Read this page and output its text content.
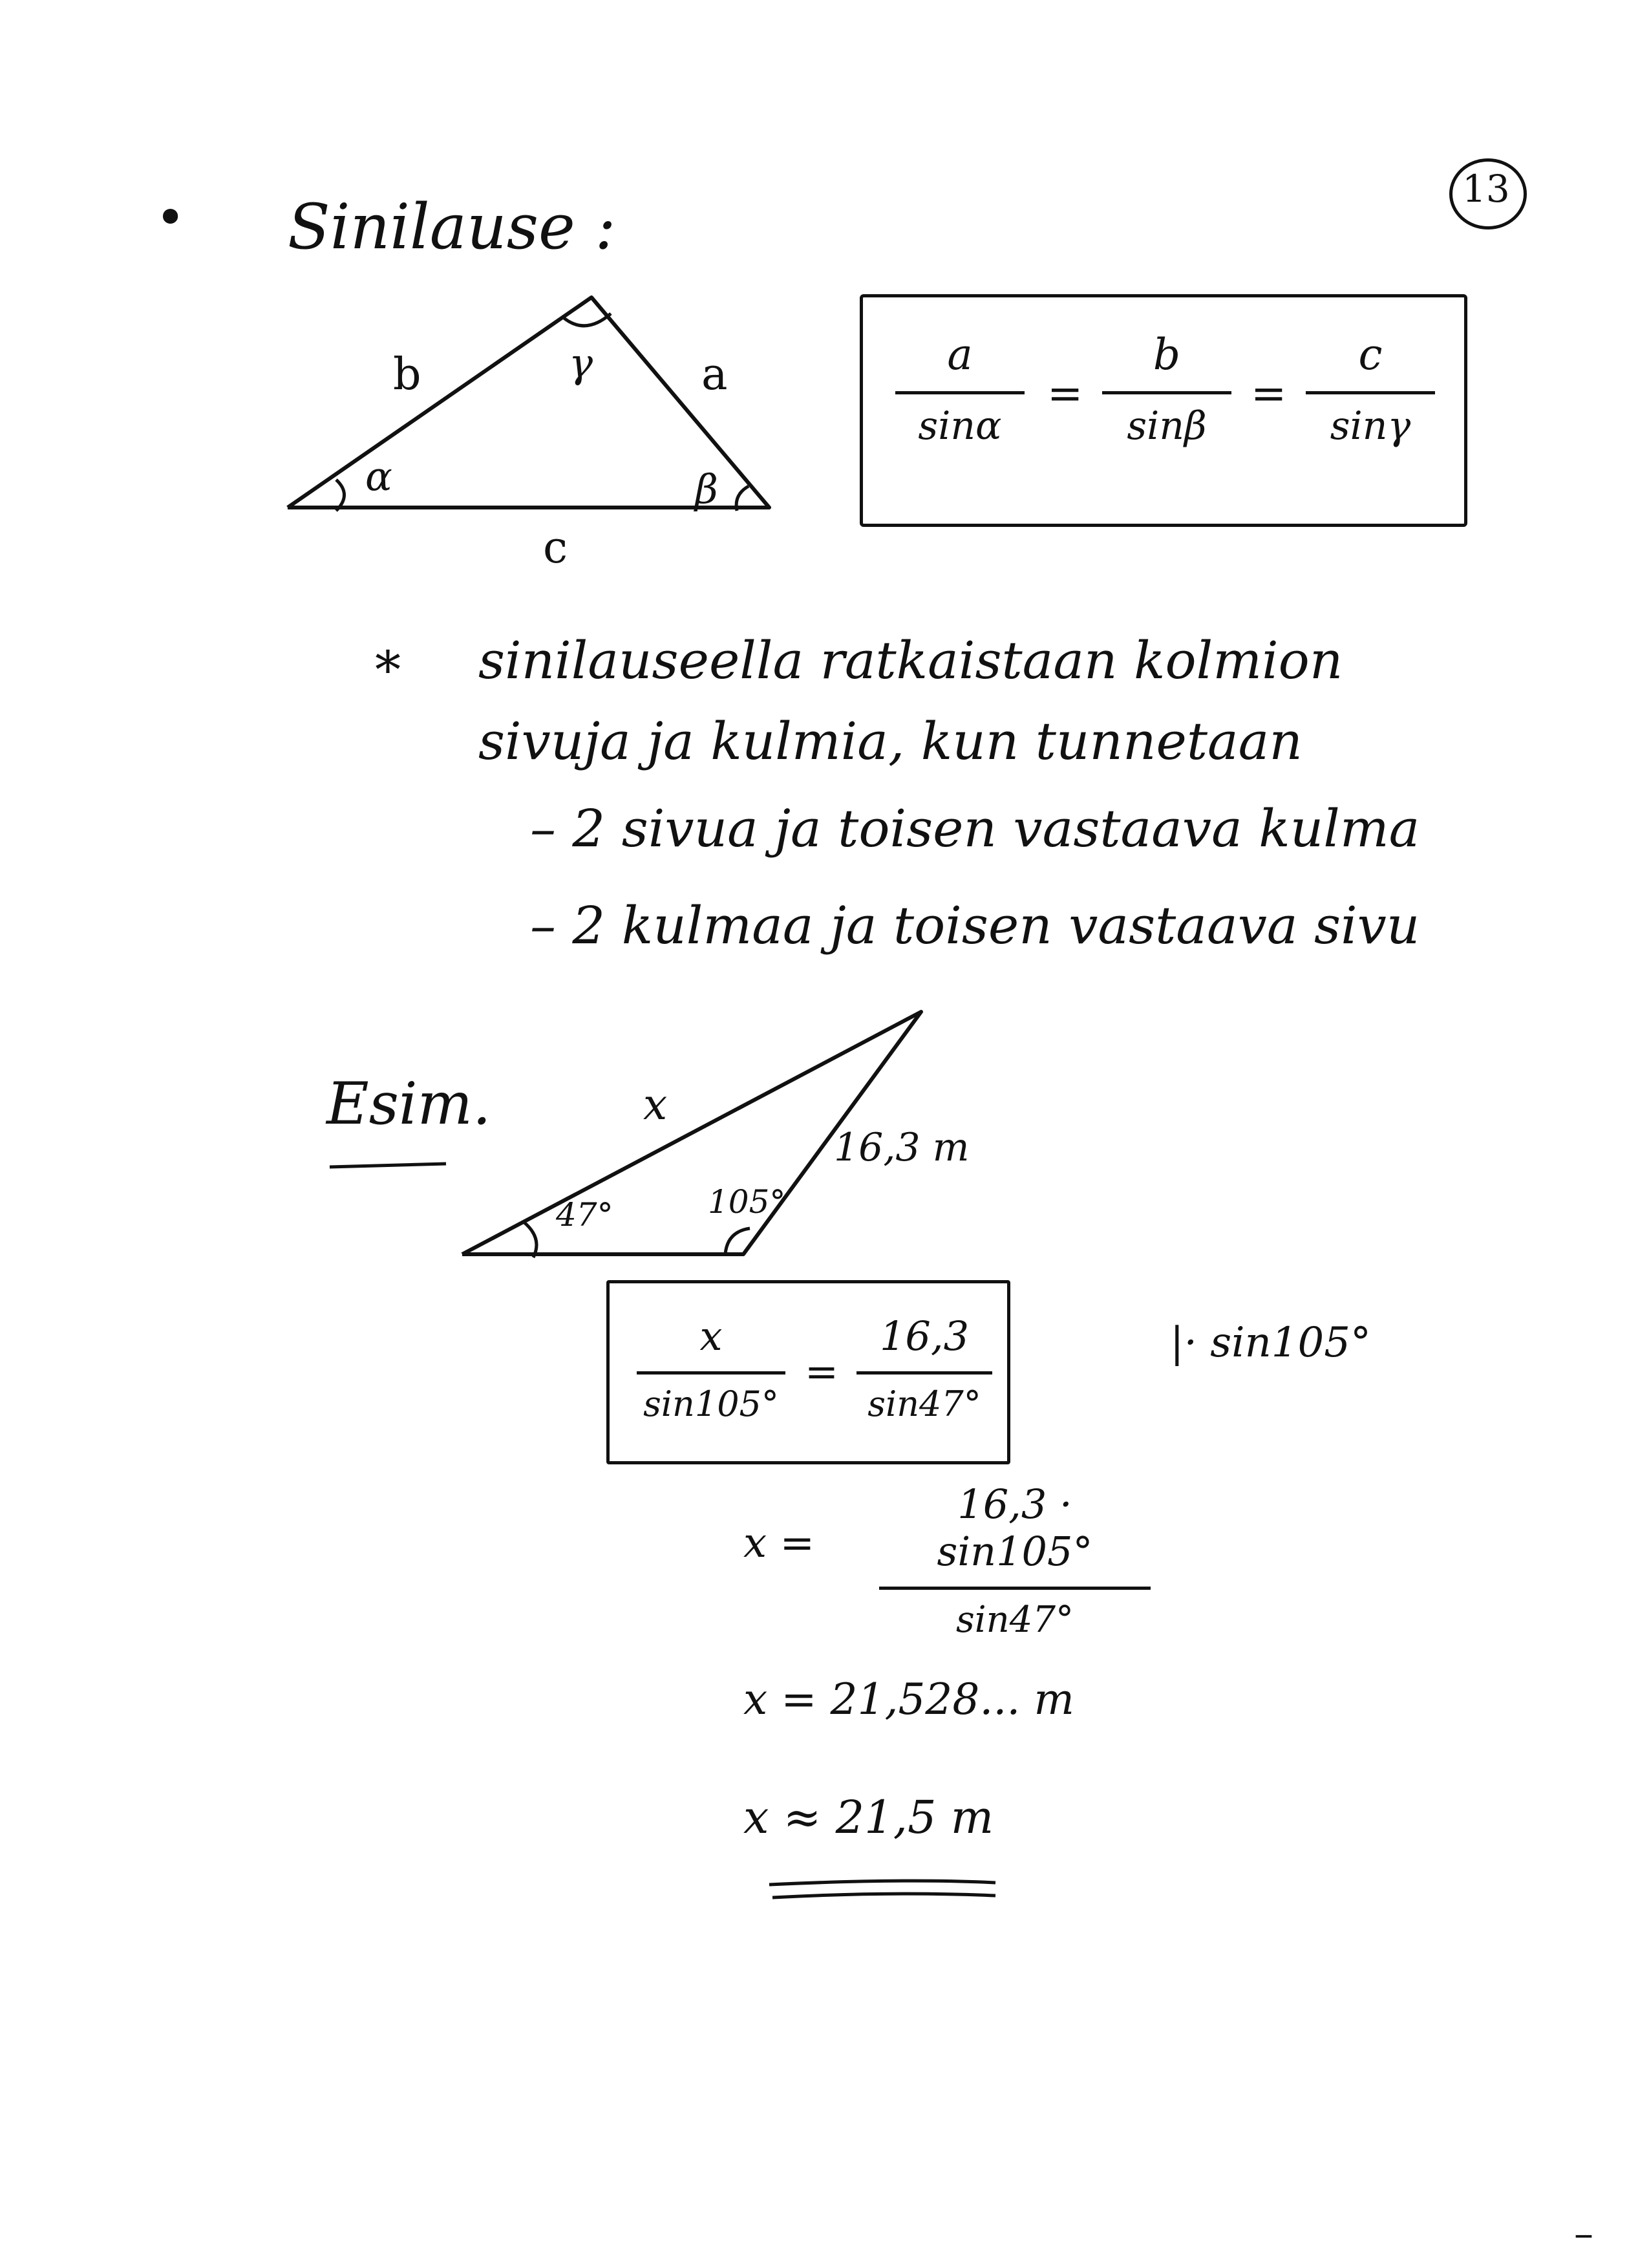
13
• Sinilause :
b	a
c
α	β
γ	a
sinα
=
b
sinβ
=
c
sinγ
* sinilauseella ratkaistaan kolmion
sivuja ja kulmia, kun tunnetaan
– 2 sivua ja toisen vastaava kulma
– 2 kulmaa ja toisen vastaava sivu
Esim.	x
16,3 m
47°	105°
x
sin105°
=
16,3
sin47°
|· sin105°
x =
16,3 · sin105°
sin47°
x = 21,528... m
x ≈ 21,5 m
–
